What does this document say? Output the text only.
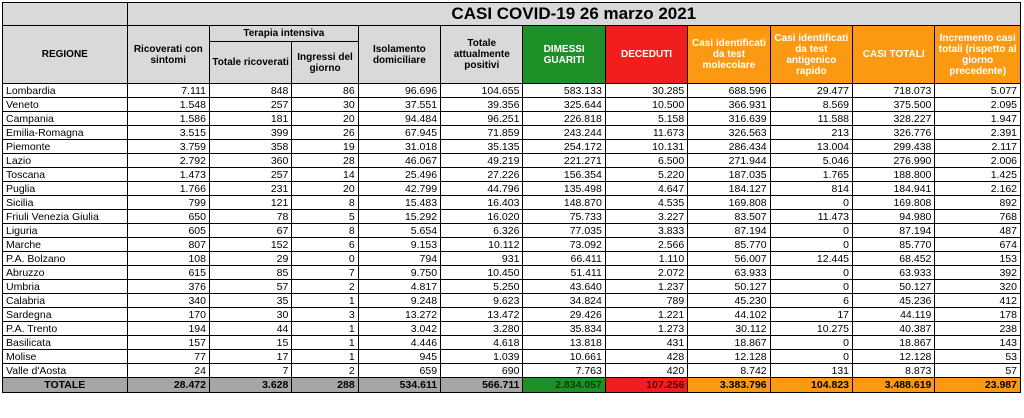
	CASI COVID-19 26 marzo 2021										
REGIONE	Ricoverati con sintomi	Terapia intensiva		Isolamento domiciliare	Totale attualmente positivi	DIMESSI GUARITI	DECEDUTI	Casi identificati da test molecolare	Casi identificati da test antigenico rapido	CASI TOTALI	Incremento casi totali (rispetto al giorno precedente)
		Totale ricoverati	Ingressi del giorno								
Lombardia	7.111	848	86	96.696	104.655	583.133	30.285	688.596	29.477	718.073	5.077
Veneto	1.548	257	30	37.551	39.356	325.644	10.500	366.931	8.569	375.500	2.095
Campania	1.586	181	20	94.484	96.251	226.818	5.158	316.639	11.588	328.227	1.947
Emilia-Romagna	3.515	399	26	67.945	71.859	243.244	11.673	326.563	213	326.776	2.391
Piemonte	3.759	358	19	31.018	35.135	254.172	10.131	286.434	13.004	299.438	2.117
Lazio	2.792	360	28	46.067	49.219	221.271	6.500	271.944	5.046	276.990	2.006
Toscana	1.473	257	14	25.496	27.226	156.354	5.220	187.035	1.765	188.800	1.425
Puglia	1.766	231	20	42.799	44.796	135.498	4.647	184.127	814	184.941	2.162
Sicilia	799	121	8	15.483	16.403	148.870	4.535	169.808	0	169.808	892
Friuli Venezia Giulia	650	78	5	15.292	16.020	75.733	3.227	83.507	11.473	94.980	768
Liguria	605	67	8	5.654	6.326	77.035	3.833	87.194	0	87.194	487
Marche	807	152	6	9.153	10.112	73.092	2.566	85.770	0	85.770	674
P.A. Bolzano	108	29	0	794	931	66.411	1.110	56.007	12.445	68.452	153
Abruzzo	615	85	7	9.750	10.450	51.411	2.072	63.933	0	63.933	392
Umbria	376	57	2	4.817	5.250	43.640	1.237	50.127	0	50.127	320
Calabria	340	35	1	9.248	9.623	34.824	789	45.230	6	45.236	412
Sardegna	170	30	3	13.272	13.472	29.426	1.221	44.102	17	44.119	178
P.A. Trento	194	44	1	3.042	3.280	35.834	1.273	30.112	10.275	40.387	238
Basilicata	157	15	1	4.446	4.618	13.818	431	18.867	0	18.867	143
Molise	77	17	1	945	1.039	10.661	428	12.128	0	12.128	53
Valle d'Aosta	24	7	2	659	690	7.763	420	8.742	131	8.873	57
TOTALE	28.472	3.628	288	534.611	566.711	2.834.057	107.256	3.383.796	104.823	3.488.619	23.987
